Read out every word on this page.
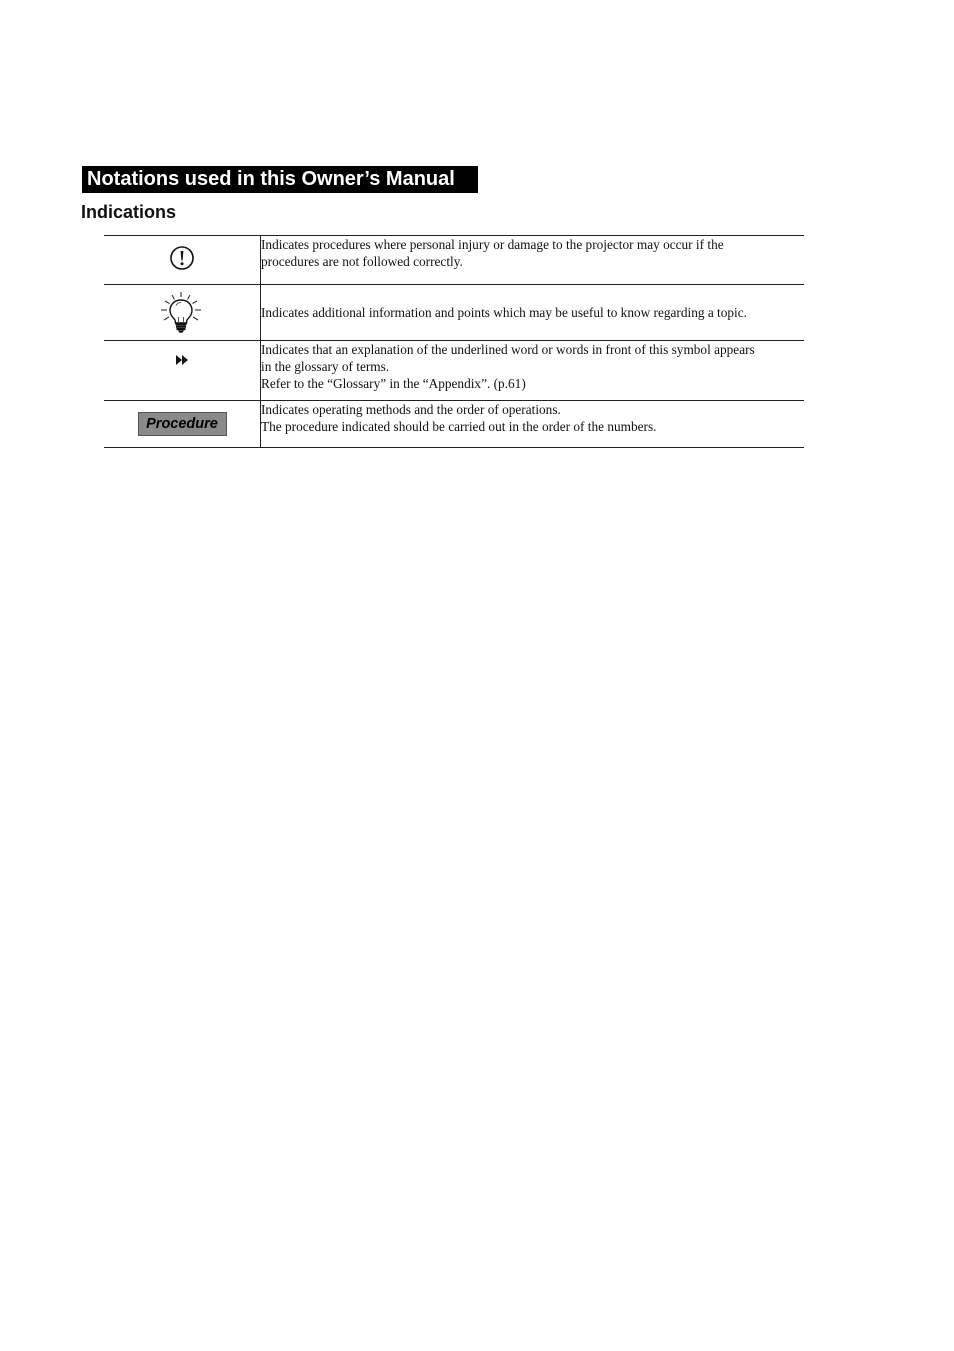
Notations used in this Owner’s Manual
Indications

Indicates procedures where personal injury or damage to the projector may occur if the
procedures are not followed correctly.

Indicates additional information and points which may be useful to know regarding a topic.

Indicates that an explanation of the underlined word or words in front of this symbol appears
in the glossary of terms.
Refer to the “Glossary” in the “Appendix”. (p.61)

Procedure	Indicates operating methods and the order of operations.
The procedure indicated should be carried out in the order of the numbers.
